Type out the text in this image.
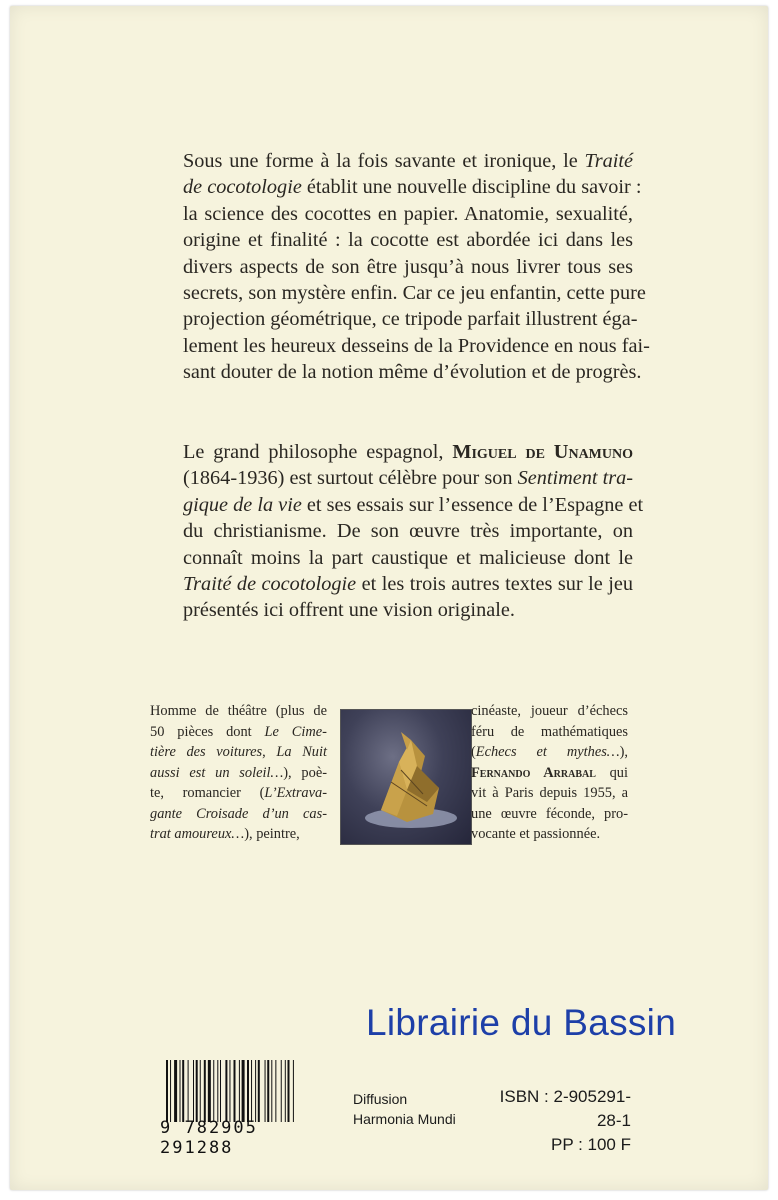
Sous une forme à la fois savante et ironique, le Traité
de cocotologie établit une nouvelle discipline du savoir :
la science des cocottes en papier. Anatomie, sexualité,
origine et finalité : la cocotte est abordée ici dans les
divers aspects de son être jusqu’à nous livrer tous ses
secrets, son mystère enfin. Car ce jeu enfantin, cette pure
projection géométrique, ce tripode parfait illustrent éga-
lement les heureux desseins de la Providence en nous fai-
sant douter de la notion même d’évolution et de progrès.
Le grand philosophe espagnol, Miguel de Unamuno
(1864-1936) est surtout célèbre pour son Sentiment tra-
gique de la vie et ses essais sur l’essence de l’Espagne et
du christianisme. De son œuvre très importante, on
connaît moins la part caustique et malicieuse dont le
Traité de cocotologie et les trois autres textes sur le jeu
présentés ici offrent une vision originale.
Homme de théâtre (plus de
50 pièces dont Le Cime-
tière des voitures, La Nuit
aussi est un soleil…), poè-
te, romancier (L’Extrava-
gante Croisade d’un cas-
trat amoureux…), peintre,
cinéaste, joueur d’échecs
féru de mathématiques
(Echecs et mythes…),
Fernando Arrabal qui
vit à Paris depuis 1955, a
une œuvre féconde, pro-
vocante et passionnée.
Librairie du Bassin
9 782905 291288
Diffusion
Harmonia Mundi
ISBN : 2-905291-28-1
PP : 100 F
